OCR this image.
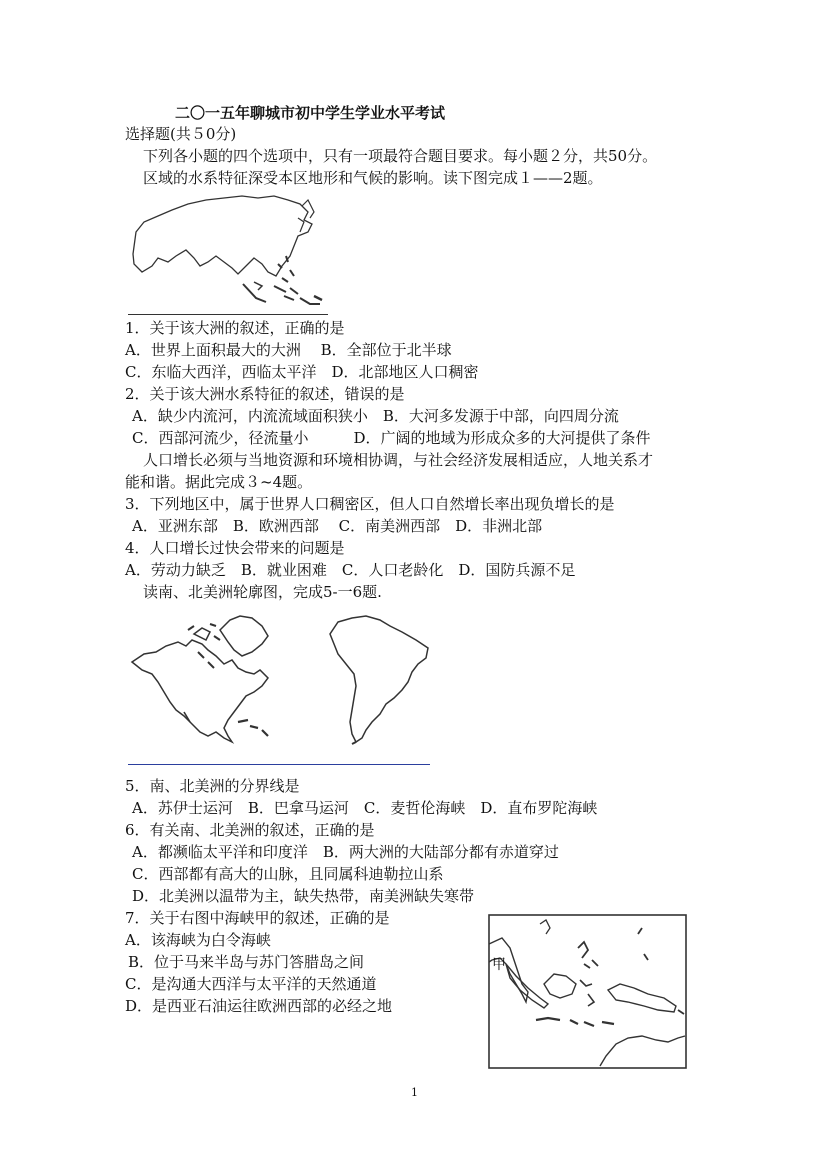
二〇一五年聊城市初中学生学业水平考试
选择题(共５0分)
下列各小题的四个选项中，只有一项最符合题目要求。每小题２分，共50分。
区域的水系特征深受本区地形和气候的影响。读下图完成１——2题。
1．关于该大洲的叙述，正确的是
A．世界上面积最大的大洲　 B．全部位于北半球
C．东临大西洋，西临太平洋　D．北部地区人口稠密
2．关于该大洲水系特征的叙述，错误的是
A．缺少内流河，内流流域面积狭小　B．大河多发源于中部，向四周分流
C．西部河流少，径流量小　　　D．广阔的地域为形成众多的大河提供了条件
人口增长必须与当地资源和环境相协调，与社会经济发展相适应，人地关系才
能和谐。据此完成３~4题。
3．下列地区中，属于世界人口稠密区，但人口自然增长率出现负增长的是
A．亚洲东部　B．欧洲西部　 C．南美洲西部　D．非洲北部
4．人口增长过快会带来的问题是
A．劳动力缺乏　B．就业困难　C．人口老龄化　D．国防兵源不足
读南、北美洲轮廓图，完成5-一6题.
5．南、北美洲的分界线是
A．苏伊士运河　B．巴拿马运河　C．麦哲伦海峡　D．直布罗陀海峡
6．有关南、北美洲的叙述，正确的是
A．都濒临太平洋和印度洋　B．两大洲的大陆部分都有赤道穿过
C．西部都有高大的山脉，且同属科迪勒拉山系
D．北美洲以温带为主，缺失热带，南美洲缺失寒带
7．关于右图中海峡甲的叙述，正确的是
A．该海峡为白令海峡
B．位于马来半岛与苏门答腊岛之间
C．是沟通大西洋与太平洋的天然通道
D．是西亚石油运往欧洲西部的必经之地
甲
1
